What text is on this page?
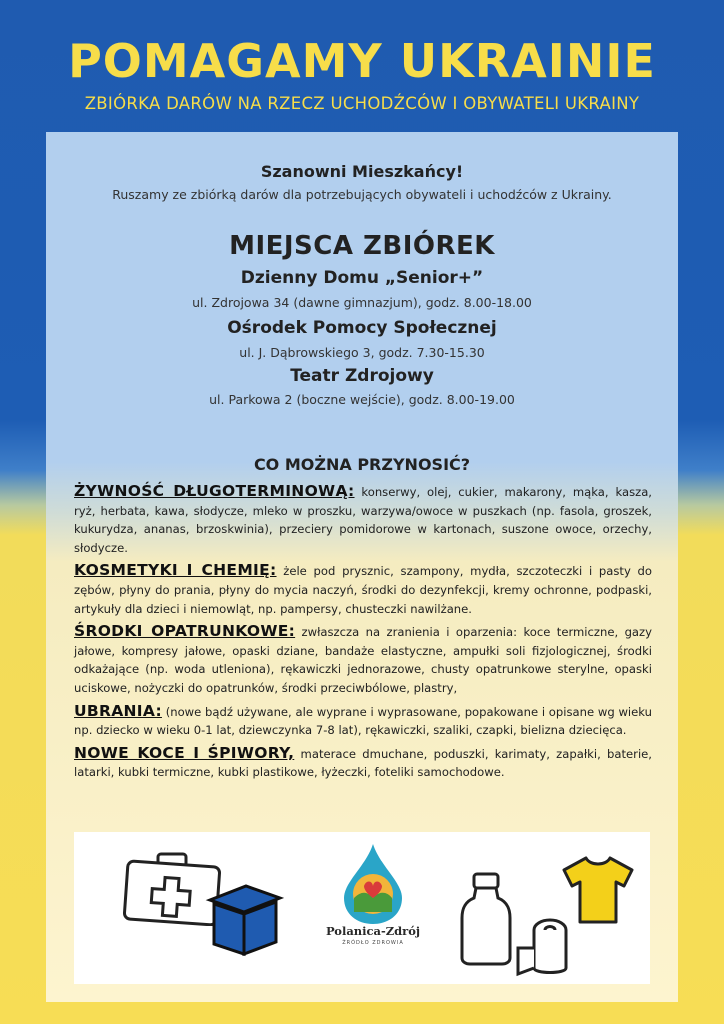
POMAGAMY UKRAINIE
ZBIÓRKA DARÓW NA RZECZ UCHODŹCÓW I OBYWATELI UKRAINY
Szanowni Mieszkańcy!
Ruszamy ze zbiórką darów dla potrzebujących obywateli i uchodźców z Ukrainy.
MIEJSCA ZBIÓREK
Dzienny Domu „Senior+”
ul. Zdrojowa 34 (dawne gimnazjum), godz. 8.00-18.00
Ośrodek Pomocy Społecznej
ul. J. Dąbrowskiego 3, godz. 7.30-15.30
Teatr Zdrojowy
ul. Parkowa 2 (boczne wejście), godz. 8.00-19.00
CO MOŻNA PRZYNOSIĆ?

ŻYWNOŚĆ DŁUGOTERMINOWĄ: konserwy, olej, cukier, makarony, mąka, kasza, ryż, herbata, kawa, słodycze, mleko w proszku, warzywa/owoce w puszkach (np. fasola, groszek, kukurydza, ananas, brzoskwinia), przeciery pomidorowe w kartonach, suszone owoce, orzechy, słodycze.

KOSMETYKI I CHEMIĘ: żele pod prysznic, szampony, mydła, szczoteczki i pasty do zębów, płyny do prania, płyny do mycia naczyń, środki do dezynfekcji, kremy ochronne, podpaski, artykuły dla dzieci i niemowląt, np. pampersy, chusteczki nawilżane.

ŚRODKI OPATRUNKOWE: zwłaszcza na zranienia i oparzenia: koce termiczne, gazy jałowe, kompresy jałowe, opaski dziane, bandaże elastyczne, ampułki soli fizjologicznej, środki odkażające (np. woda utleniona), rękawiczki jednorazowe, chusty opatrunkowe sterylne, opaski uciskowe, nożyczki do opatrunków, środki przeciwbólowe, plastry,

UBRANIA: (nowe bądź używane, ale wyprane i wyprasowane, popakowane i opisane wg wieku np. dziecko w wieku 0-1 lat, dziewczynka 7-8 lat), rękawiczki, szaliki, czapki, bielizna dziecięca.

NOWE KOCE I ŚPIWORY, materace dmuchane, poduszki, karimaty, zapałki, baterie, latarki, kubki termiczne, kubki plastikowe, łyżeczki, foteliki samochodowe.

Polanica-Zdrój
ŹRÓDŁO ZDROWIA
